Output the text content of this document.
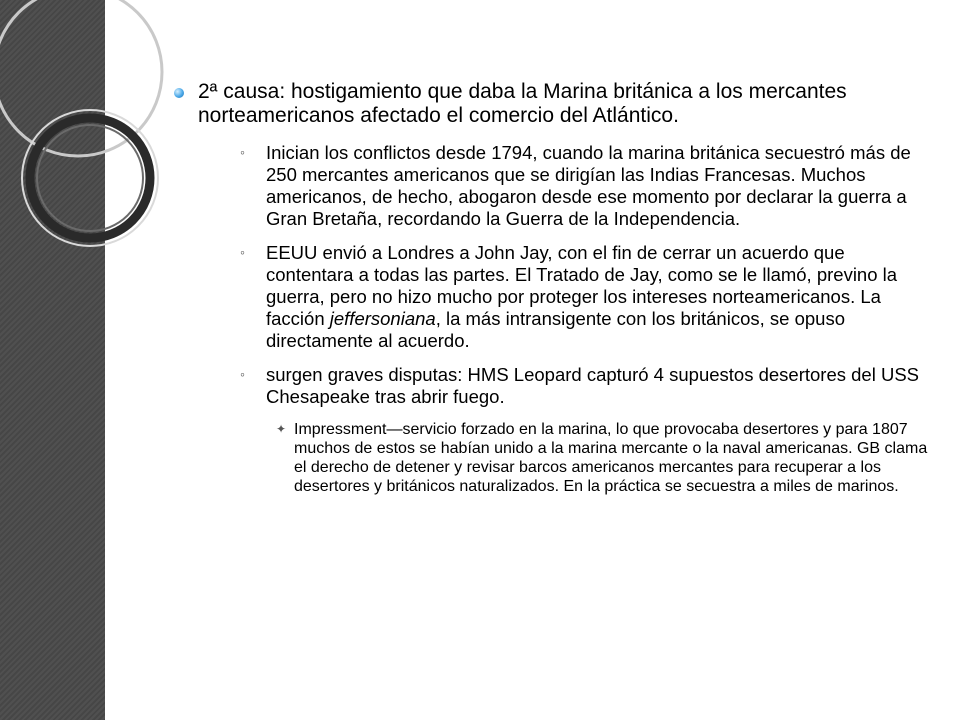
2ª causa: hostigamiento que daba la Marina británica a los mercantes norteamericanos afectado el comercio del Atlántico.
◦ Inician los conflictos desde 1794, cuando la marina británica secuestró más de 250 mercantes americanos que se dirigían las Indias Francesas. Muchos americanos, de hecho, abogaron desde ese momento por declarar la guerra a Gran Bretaña, recordando la Guerra de la Independencia.
◦ EEUU envió a Londres a John Jay, con el fin de cerrar un acuerdo que contentara a todas las partes. El Tratado de Jay, como se le llamó, previno la guerra, pero no hizo mucho por proteger los intereses norteamericanos. La facción jeffersoniana, la más intransigente con los británicos, se opuso directamente al acuerdo.
◦ surgen graves disputas: HMS Leopard capturó 4 supuestos desertores del USS Chesapeake tras abrir fuego.
✦ Impressment—servicio forzado en la marina, lo que provocaba desertores y para 1807 muchos de estos se habían unido a la marina mercante o la naval americanas. GB clama el derecho de detener y revisar barcos americanos mercantes para recuperar a los desertores y británicos naturalizados. En la práctica se secuestra a miles de marinos.
